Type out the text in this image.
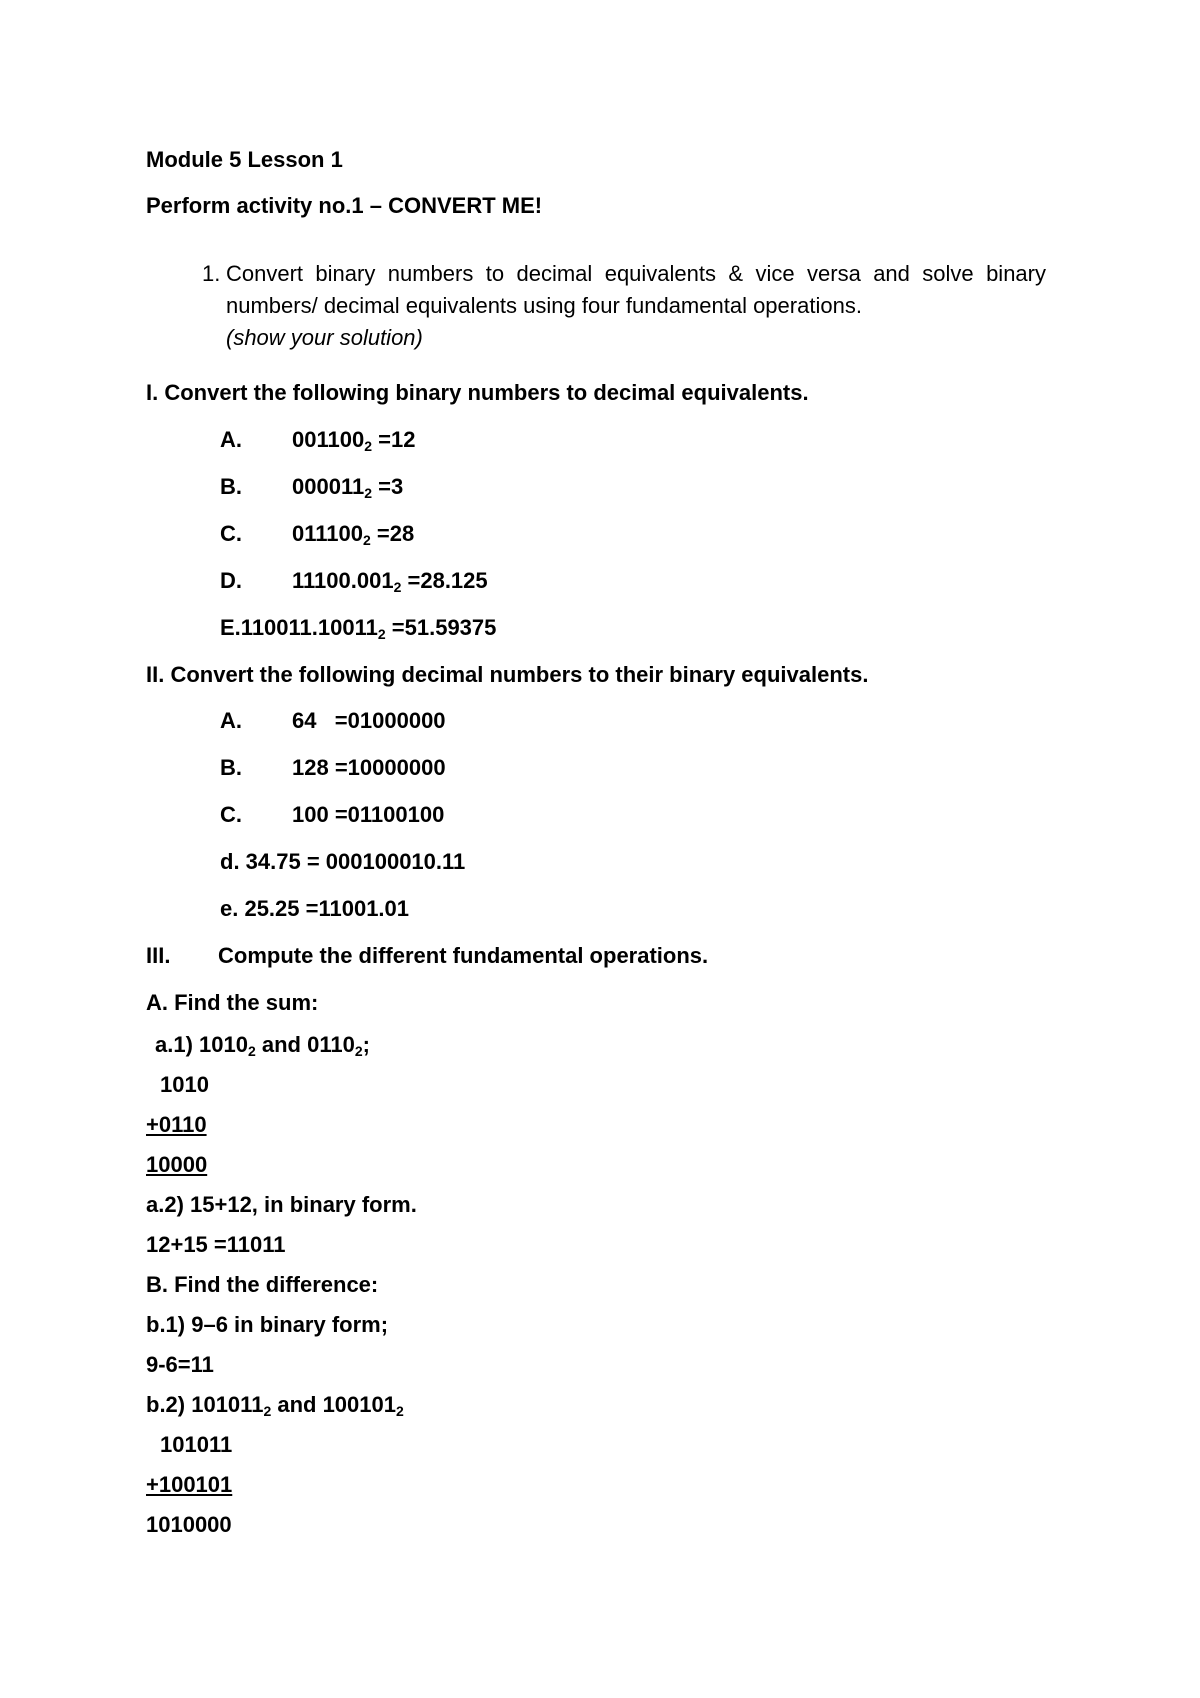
Module 5 Lesson 1
Perform activity no.1 – CONVERT ME!
1. Convert binary numbers to decimal equivalents & vice versa and solve binary numbers/ decimal equivalents using four fundamental operations.
(show your solution)

I. Convert the following binary numbers to decimal equivalents.
A. $001100_2 =12$
B. $000011_2 =3$
C. $011100_2 =28$
D. $11100.001_2 =28.125$
$E.110011.10011_2 =51.59375$
II. Convert the following decimal numbers to their binary equivalents.
A. 64   =01000000
B. 128 =10000000
C. 100 =01100100
d. 34.75 = 000100010.11
e. 25.25 =11001.01
III. Compute the different fundamental operations.
A. Find the sum:
a.1) $1010_2$ and $0110_2$;
1010
+0110
10000
a.2) 15+12, in binary form.
12+15 =11011
B. Find the difference:
b.1) 9–6 in binary form;
9-6=11
b.2) $101011_2$ and $100101_2$
101011
+100101
1010000
